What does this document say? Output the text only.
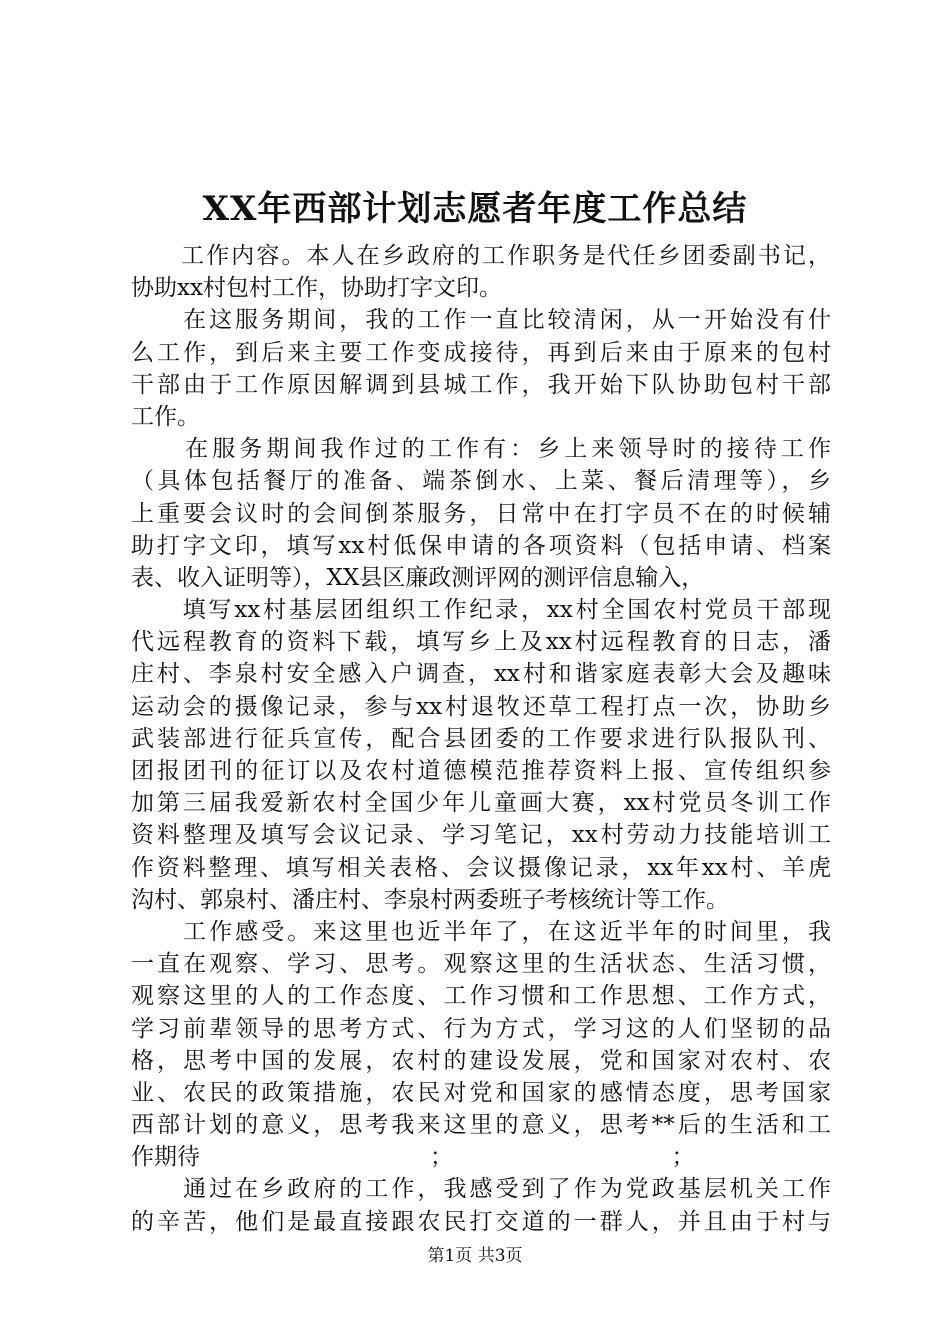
XX年西部计划志愿者年度工作总结
　　工作内容。本人在乡政府的工作职务是代任乡团委副书记，
协助xx村包村工作，协助打字文印。
　　在这服务期间，我的工作一直比较清闲，从一开始没有什
么工作，到后来主要工作变成接待，再到后来由于原来的包村
干部由于工作原因解调到县城工作，我开始下队协助包村干部
工作。
　　在服务期间我作过的工作有：乡上来领导时的接待工作
（具体包括餐厅的准备、端茶倒水、上菜、餐后清理等），乡
上重要会议时的会间倒茶服务，日常中在打字员不在的时候辅
助打字文印，填写xx村低保申请的各项资料（包括申请、档案
表、收入证明等），XX县区廉政测评网的测评信息输入，
　　填写xx村基层团组织工作纪录，xx村全国农村党员干部现
代远程教育的资料下载，填写乡上及xx村远程教育的日志，潘
庄村、李泉村安全感入户调查，xx村和谐家庭表彰大会及趣味
运动会的摄像记录，参与xx村退牧还草工程打点一次，协助乡
武装部进行征兵宣传，配合县团委的工作要求进行队报队刊、
团报团刊的征订以及农村道德模范推荐资料上报、宣传组织参
加第三届我爱新农村全国少年儿童画大赛，xx村党员冬训工作
资料整理及填写会议记录、学习笔记，xx村劳动力技能培训工
作资料整理、填写相关表格、会议摄像记录，xx年xx村、羊虎
沟村、郭泉村、潘庄村、李泉村两委班子考核统计等工作。
　　工作感受。来这里也近半年了，在这近半年的时间里，我
一直在观察、学习、思考。观察这里的生活状态、生活习惯，
观察这里的人的工作态度、工作习惯和工作思想、工作方式，
学习前辈领导的思考方式、行为方式，学习这的人们坚韧的品
格，思考中国的发展，农村的建设发展，党和国家对农村、农
业、农民的政策措施，农民对党和国家的感情态度，思考国家
西部计划的意义，思考我来这里的意义，思考**后的生活和工
作期待　　　　　　　　　　；　　　　　　　　　　；
　　通过在乡政府的工作，我感受到了作为党政基层机关工作
的辛苦，他们是最直接跟农民打交道的一群人，并且由于村与
第1页 共3页
